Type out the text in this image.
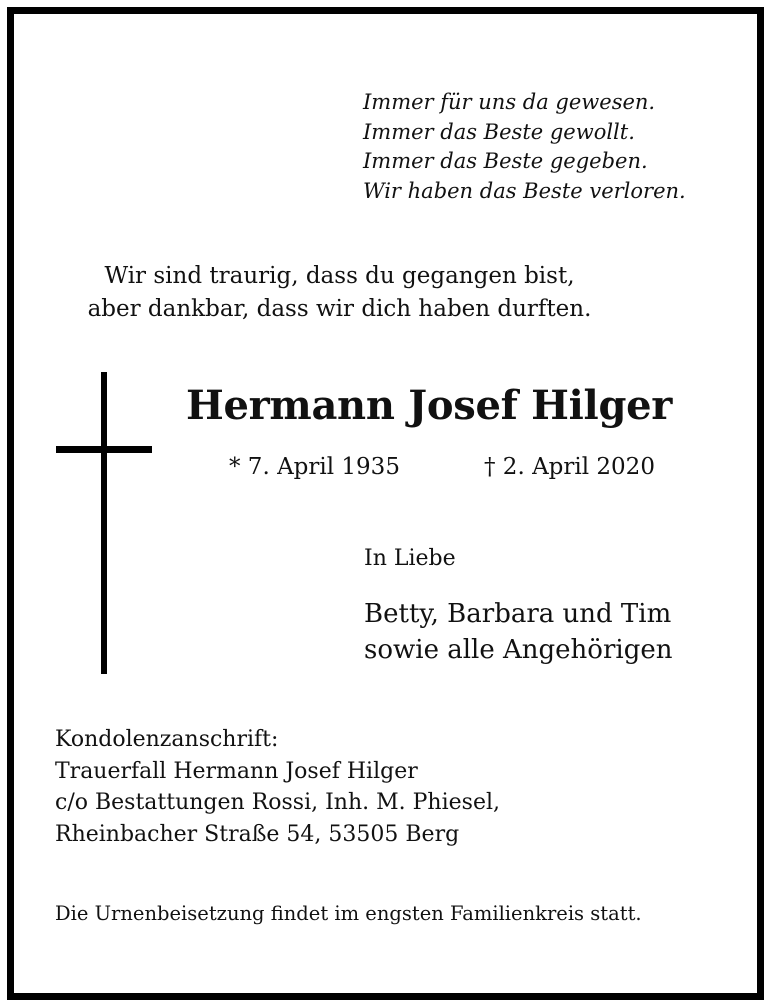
Immer für uns da gewesen.
Immer das Beste gewollt.
Immer das Beste gegeben.
Wir haben das Beste verloren.
Wir sind traurig, dass du gegangen bist,
aber dankbar, dass wir dich haben durften.
Hermann Josef Hilger
* 7. April 1935	† 2. April 2020
In Liebe
Betty, Barbara und Tim
sowie alle Angehörigen
Kondolenzanschrift:
Trauerfall Hermann Josef Hilger
c/o Bestattungen Rossi, Inh. M. Phiesel,
Rheinbacher Straße 54, 53505 Berg
Die Urnenbeisetzung findet im engsten Familienkreis statt.
